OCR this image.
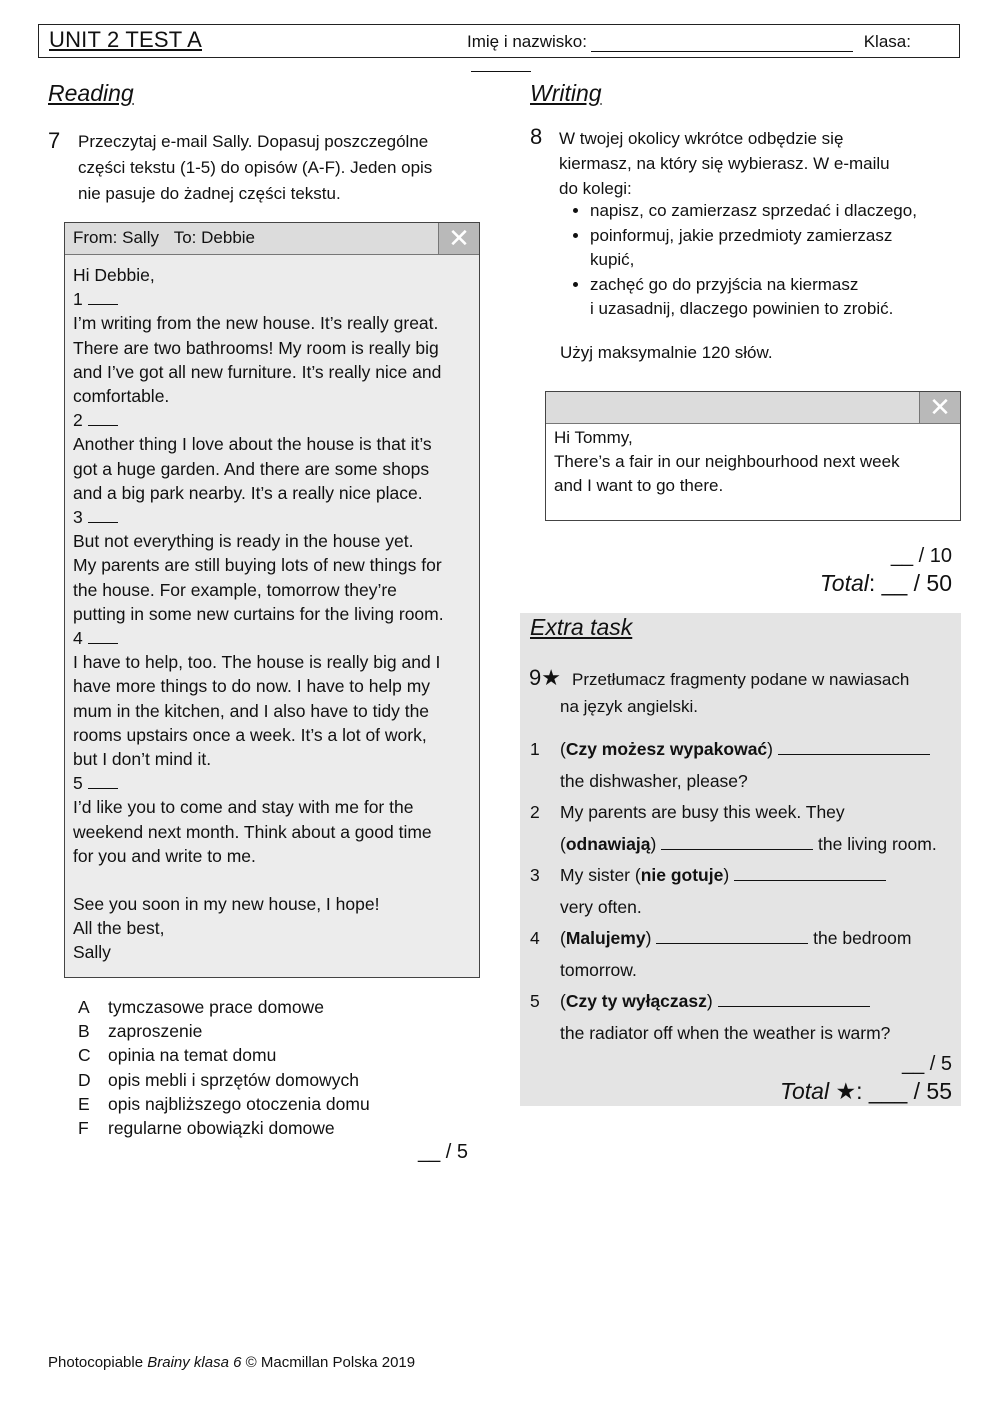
UNIT 2 TEST A	Imię i nazwisko:	Klasa:
Reading
7 Przeczytaj e-mail Sally. Dopasuj poszczególne
części tekstu (1-5) do opisów (A-F). Jeden opis
nie pasuje do żadnej części tekstu.
From: Sally To: Debbie	✕
Hi Debbie,
1
I’m writing from the new house. It’s really great.
There are two bathrooms! My room is really big
and I’ve got all new furniture. It’s really nice and
comfortable.
2
Another thing I love about the house is that it’s
got a huge garden. And there are some shops
and a big park nearby. It’s a really nice place.
3
But not everything is ready in the house yet.
My parents are still buying lots of new things for
the house. For example, tomorrow they’re
putting in some new curtains for the living room.
4
I have to help, too. The house is really big and I
have more things to do now. I have to help my
mum in the kitchen, and I also have to tidy the
rooms upstairs once a week. It’s a lot of work,
but I don’t mind it.
5
I’d like you to come and stay with me for the
weekend next month. Think about a good time
for you and write to me.
See you soon in my new house, I hope!
All the best,
Sally
A tymczasowe prace domowe
B zaproszenie
C opinia na temat domu
D opis mebli i sprzętów domowych
E opis najbliższego otoczenia domu
F regularne obowiązki domowe
__ / 5
Writing
8 W twojej okolicy wkrótce odbędzie się
kiermasz, na który się wybierasz. W e-mailu
do kolegi:
• napisz, co zamierzasz sprzedać i dlaczego,
• poinformuj, jakie przedmioty zamierzasz
kupić,
• zachęć go do przyjścia na kiermasz
i uzasadnij, dlaczego powinien to zrobić.
Użyj maksymalnie 120 słów.
✕
Hi Tommy,
There’s a fair in our neighbourhood next week
and I want to go there.
__ / 10
Total: __ / 50
Extra task
9★ Przetłumacz fragmenty podane w nawiasach
na język angielski.
1 (Czy możesz wypakować)
the dishwasher, please?
2 My parents are busy this week. They
(odnawiają)	the living room.
3 My sister (nie gotuje)
very often.
4 (Malujemy)	the bedroom
tomorrow.
5 (Czy ty wyłączasz)
the radiator off when the weather is warm?
__ / 5
Total ★: ___ / 55
Photocopiable Brainy klasa 6 © Macmillan Polska 2019
